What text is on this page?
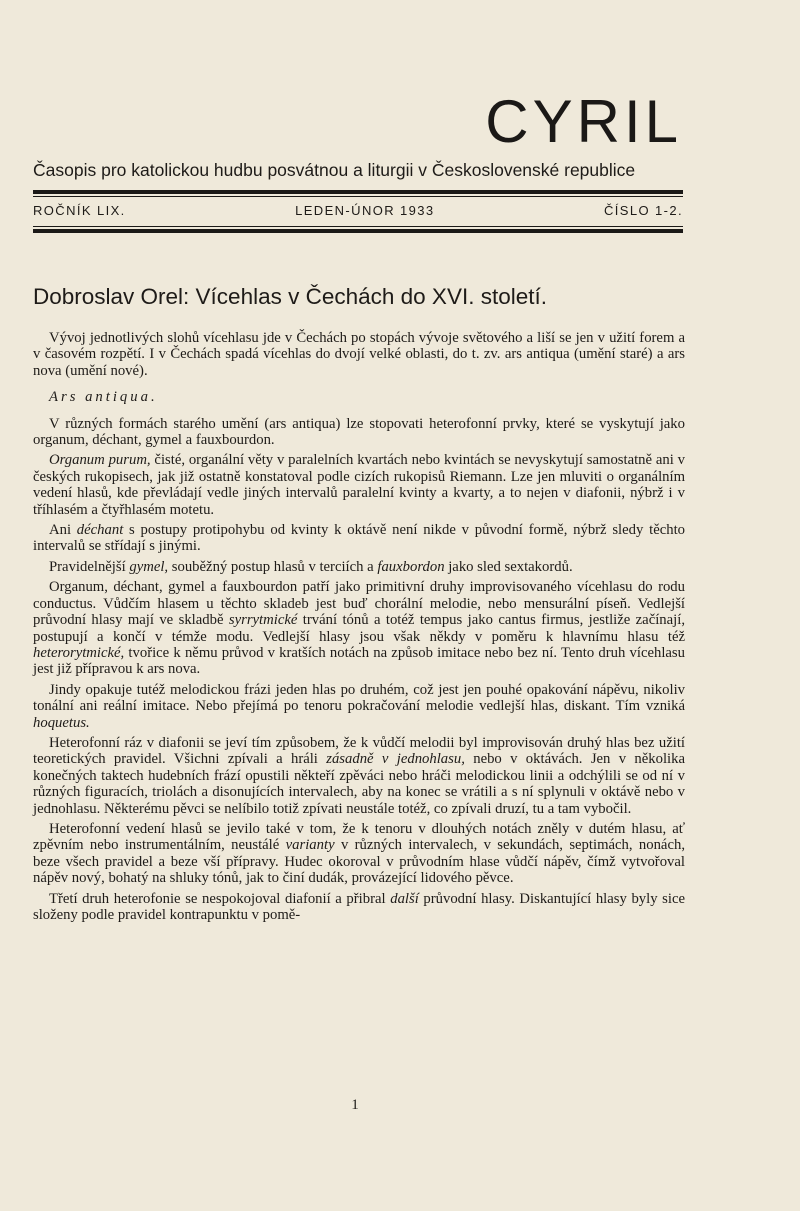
CYRIL

Časopis pro katolickou hudbu posvátnou a liturgii v Československé republice

ROČNÍK LIX.	LEDEN-ÚNOR 1933	ČÍSLO 1-2.
Dobroslav Orel: Vícehlas v Čechách do XVI. století.

Vývoj jednotlivých slohů vícehlasu jde v Čechách po stopách vývoje světového a liší se jen v užití forem a v časovém rozpětí. I v Čechách spadá vícehlas do dvojí velké oblasti, do t. zv. ars antiqua (umění staré) a ars nova (umění nové).

Ars antiqua.

V různých formách starého umění (ars antiqua) lze stopovati heterofonní prvky, které se vyskytují jako organum, déchant, gymel a fauxbourdon.

Organum purum, čisté, organální věty v paralelních kvartách nebo kvintách se nevyskytují samostatně ani v českých rukopisech, jak již ostatně konstatoval podle cizích rukopisů Riemann. Lze jen mluviti o organálním vedení hlasů, kde převládají vedle jiných intervalů paralelní kvinty a kvarty, a to nejen v diafonii, nýbrž i v tříhlasém a čtyřhlasém motetu.

Ani déchant s postupy protipohybu od kvinty k oktávě není nikde v původní formě, nýbrž sledy těchto intervalů se střídají s jinými.

Pravidelnější gymel, souběžný postup hlasů v terciích a fauxbordon jako sled sextakordů.

Organum, déchant, gymel a fauxbourdon patří jako primitivní druhy improvisovaného vícehlasu do rodu conductus. Vůdčím hlasem u těchto skladeb jest buď chorální melodie, nebo mensurální píseň. Vedlejší průvodní hlasy mají ve skladbě syrrytmické trvání tónů a totéž tempus jako cantus firmus, jestliže začínají, postupují a končí v témže modu. Vedlejší hlasy jsou však někdy v poměru k hlavnímu hlasu též heterorytmické, tvořice k němu průvod v kratších notách na způsob imitace nebo bez ní. Tento druh vícehlasu jest již přípravou k ars nova.

Jindy opakuje tutéž melodickou frázi jeden hlas po druhém, což jest jen pouhé opakování nápěvu, nikoliv tonální ani reální imitace. Nebo přejímá po tenoru pokračování melodie vedlejší hlas, diskant. Tím vzniká hoquetus.

Heterofonní ráz v diafonii se jeví tím způsobem, že k vůdčí melodii byl improvisován druhý hlas bez užití teoretických pravidel. Všichni zpívali a hráli zásadně v jednohlasu, nebo v oktávách. Jen v několika konečných taktech hudebních frází opustili někteří zpěváci nebo hráči melodickou linii a odchýlili se od ní v různých figuracích, triolách a disonujících intervalech, aby na konec se vrátili a s ní splynuli v oktávě nebo v jednohlasu. Některému pěvci se nelíbilo totiž zpívati neustále totéž, co zpívali druzí, tu a tam vybočil.

Heterofonní vedení hlasů se jevilo také v tom, že k tenoru v dlouhých notách zněly v dutém hlasu, ať zpěvním nebo instrumentálním, neustálé varianty v různých intervalech, v sekundách, septimách, nonách, beze všech pravidel a beze vší přípravy. Hudec okoroval v průvodním hlase vůdčí nápěv, čímž vytvořoval nápěv nový, bohatý na shluky tónů, jak to činí dudák, provázející lidového pěvce.

Třetí druh heterofonie se nespokojoval diafonií a přibral další průvodní hlasy. Diskantující hlasy byly sice složeny podle pravidel kontrapunktu v pomě-

1
